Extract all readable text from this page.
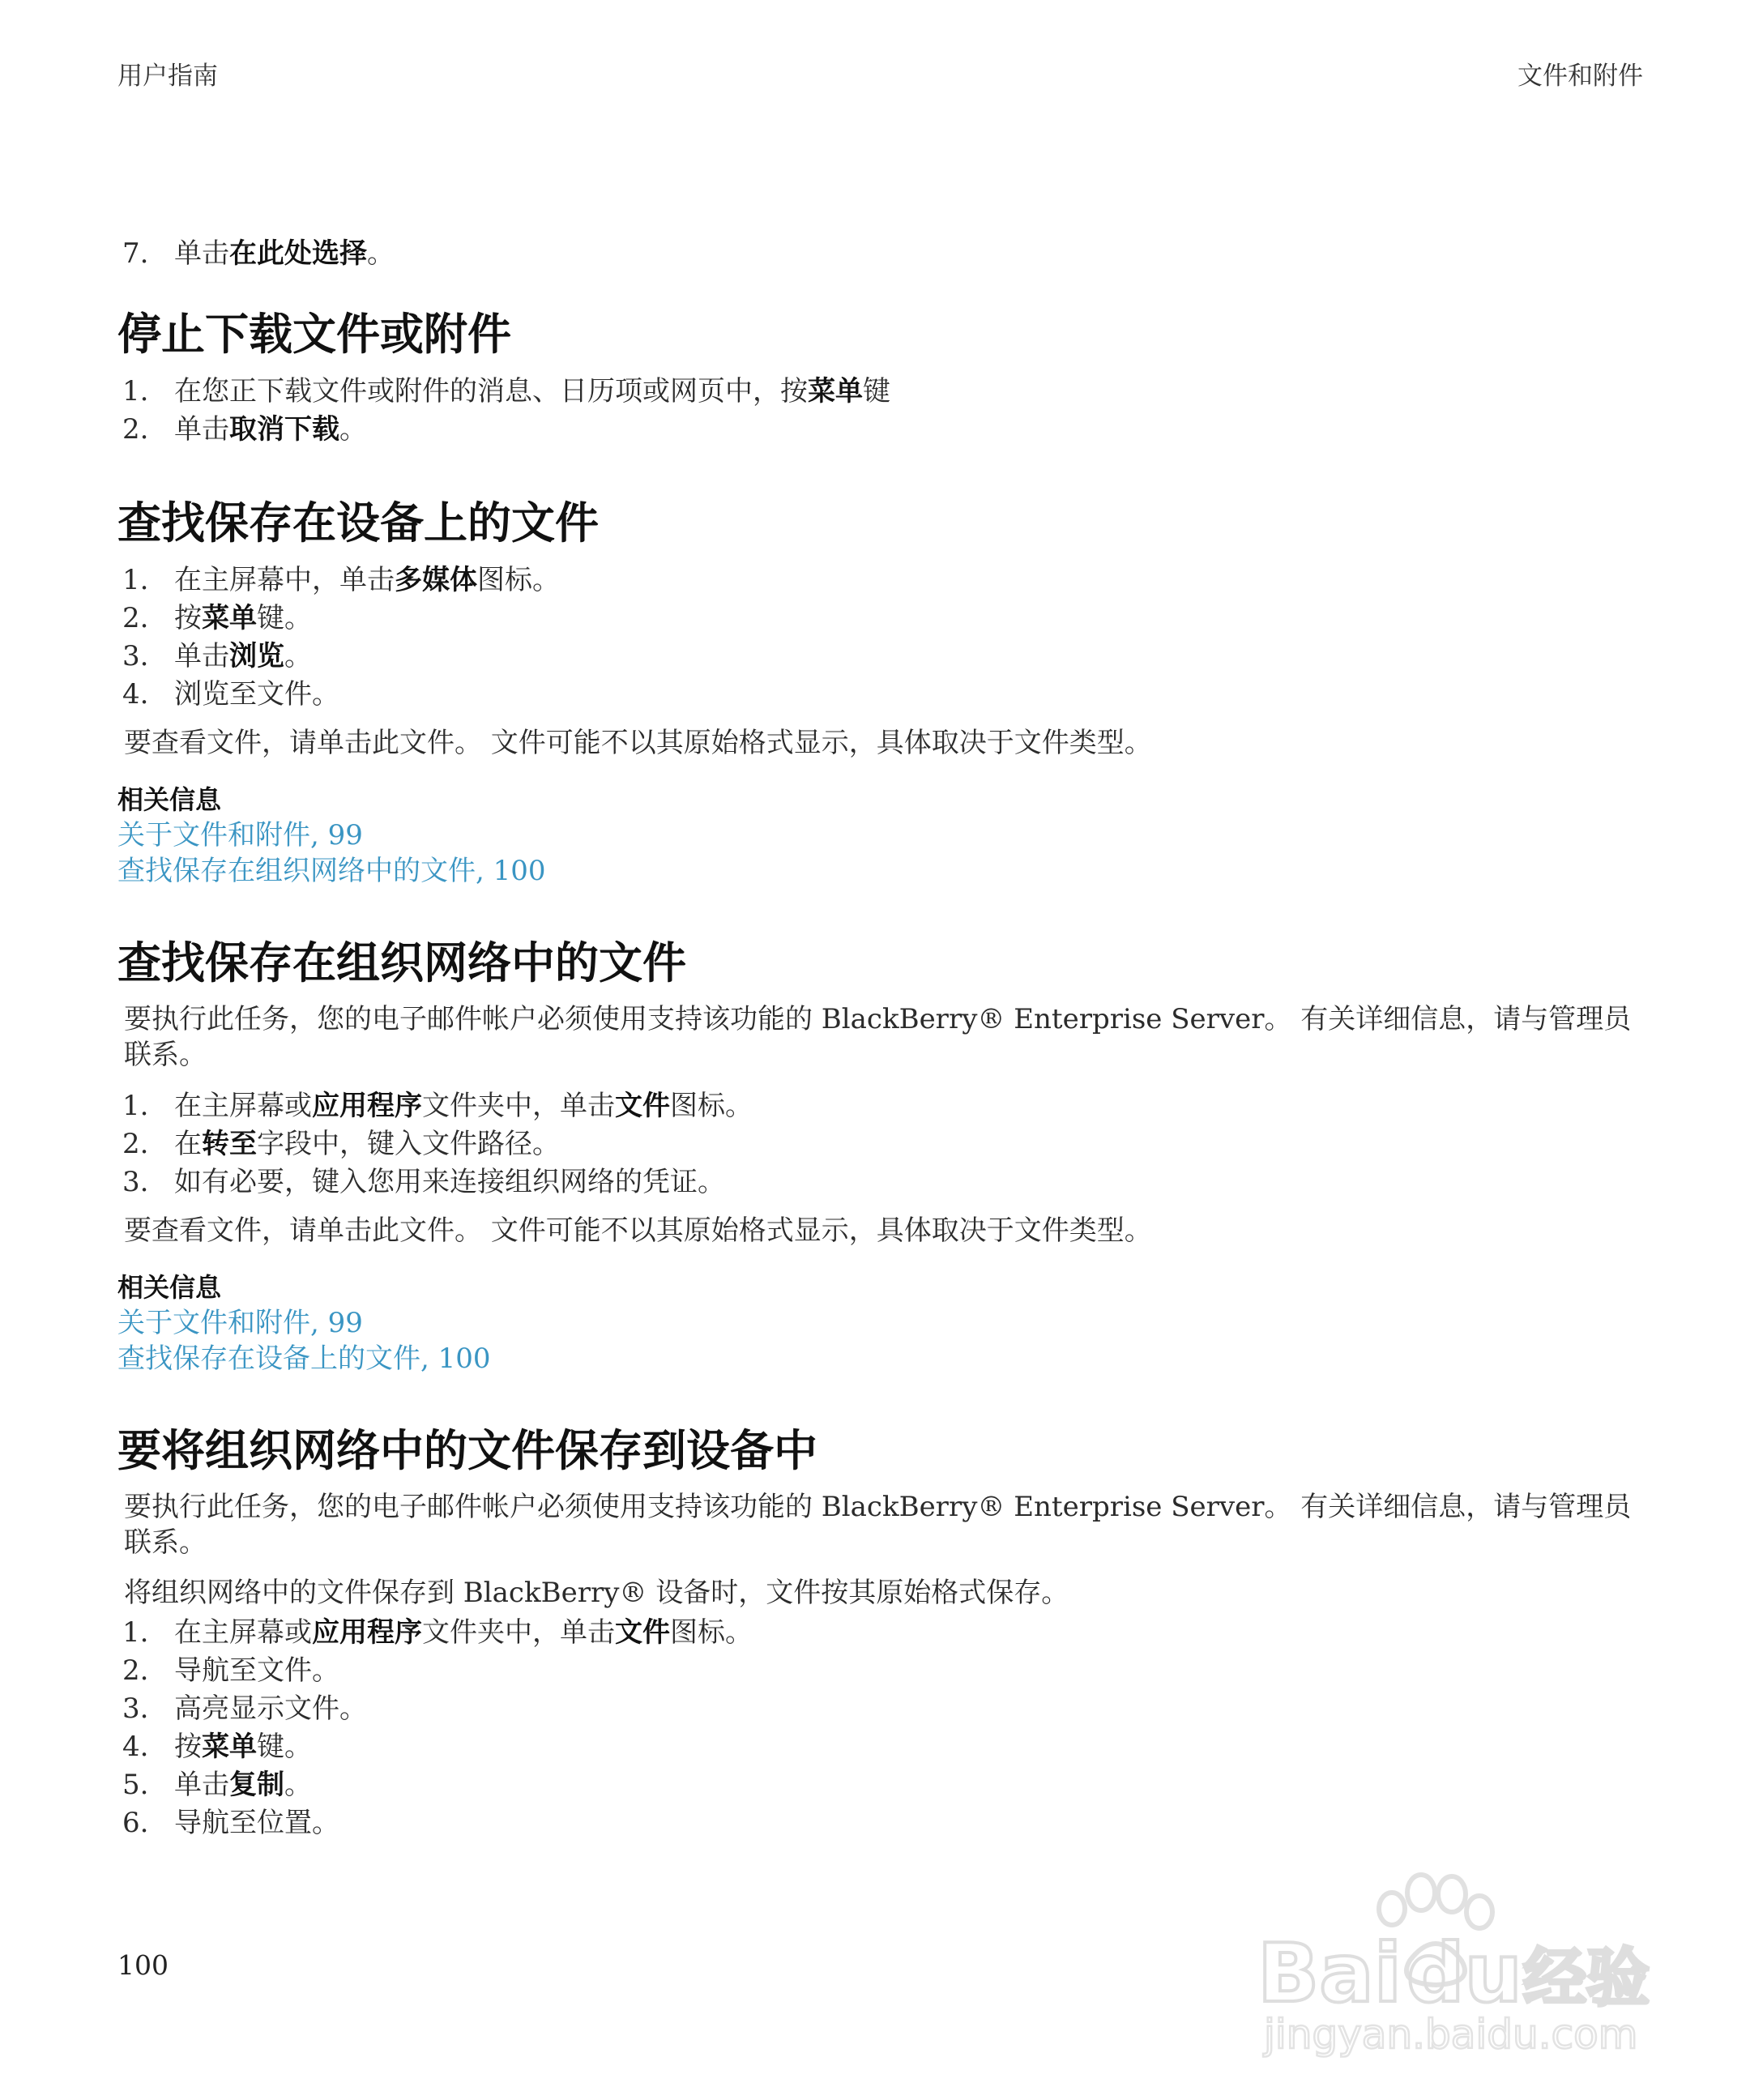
用户指南	文件和附件
7. 单击在此处选择。
停止下载文件或附件
1. 在您正下载文件或附件的消息、日历项或网页中，按菜单键
2. 单击取消下载。
查找保存在设备上的文件
1. 在主屏幕中，单击多媒体图标。
2. 按菜单键。
3. 单击浏览。
4. 浏览至文件。

要查看文件，请单击此文件。 文件可能不以其原始格式显示，具体取决于文件类型。

相关信息
关于文件和附件, 99
查找保存在组织网络中的文件, 100
查找保存在组织网络中的文件

要执行此任务，您的电子邮件帐户必须使用支持该功能的 BlackBerry® Enterprise Server。 有关详细信息，请与管理员联系。

1. 在主屏幕或应用程序文件夹中，单击文件图标。
2. 在转至字段中，键入文件路径。
3. 如有必要，键入您用来连接组织网络的凭证。

要查看文件，请单击此文件。 文件可能不以其原始格式显示，具体取决于文件类型。

相关信息
关于文件和附件, 99
查找保存在设备上的文件, 100
要将组织网络中的文件保存到设备中

要执行此任务，您的电子邮件帐户必须使用支持该功能的 BlackBerry® Enterprise Server。 有关详细信息，请与管理员联系。

将组织网络中的文件保存到 BlackBerry® 设备时，文件按其原始格式保存。

1. 在主屏幕或应用程序文件夹中，单击文件图标。
2. 导航至文件。
3. 高亮显示文件。
4. 按菜单键。
5. 单击复制。
6. 导航至位置。
100	Bai du 经验
jingyan.baidu.com
